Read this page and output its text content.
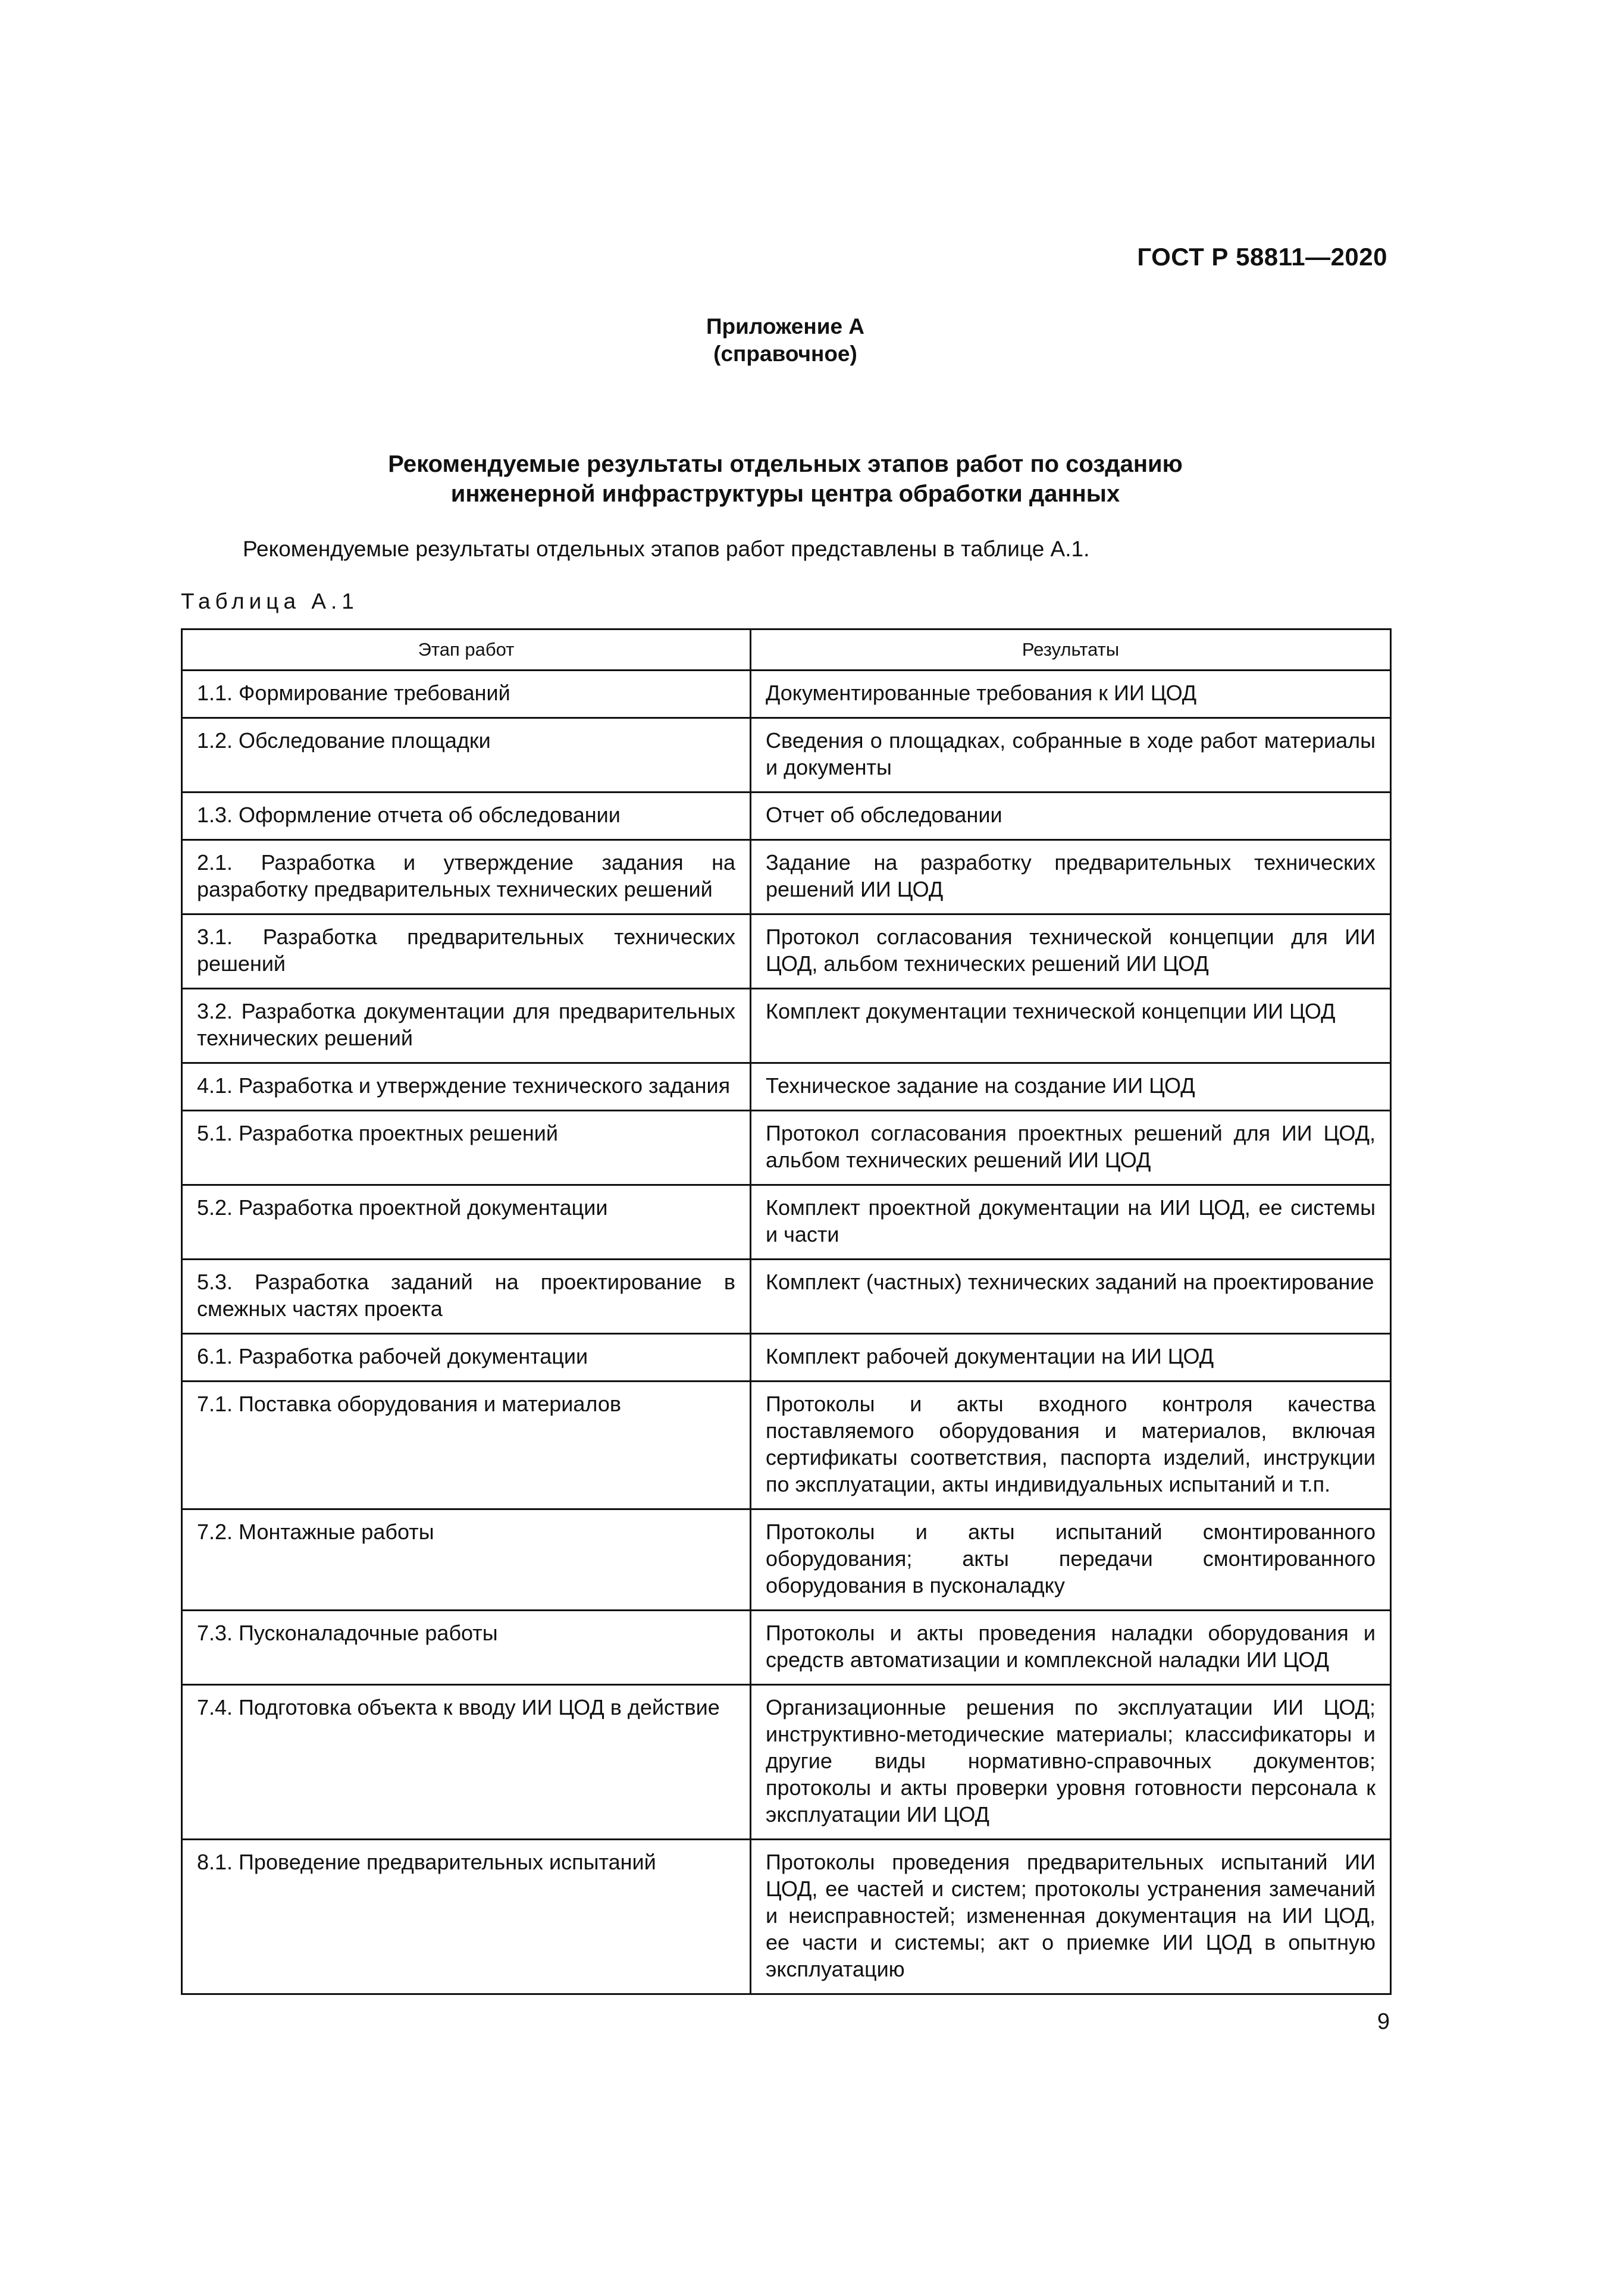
ГОСТ Р 58811—2020
Приложение А
(справочное)
Рекомендуемые результаты отдельных этапов работ по созданию
инженерной инфраструктуры центра обработки данных
Рекомендуемые результаты отдельных этапов работ представлены в таблице А.1.
Таблица А.1
Этап работ	Результаты
1.1. Формирование требований	Документированные требования к ИИ ЦОД
1.2. Обследование площадки	Сведения о площадках, собранные в ходе работ материалы и документы
1.3. Оформление отчета об обследовании	Отчет об обследовании
2.1. Разработка и утверждение задания на разработку предварительных технических решений	Задание на разработку предварительных технических решений ИИ ЦОД
3.1. Разработка предварительных технических решений	Протокол согласования технической концепции для ИИ ЦОД, альбом технических решений ИИ ЦОД
3.2. Разработка документации для предварительных технических решений	Комплект документации технической концепции ИИ ЦОД
4.1. Разработка и утверждение технического задания	Техническое задание на создание ИИ ЦОД
5.1. Разработка проектных решений	Протокол согласования проектных решений для ИИ ЦОД, альбом технических решений ИИ ЦОД
5.2. Разработка проектной документации	Комплект проектной документации на ИИ ЦОД, ее системы и части
5.3. Разработка заданий на проектирование в смежных частях проекта	Комплект (частных) технических заданий на проектирование
6.1. Разработка рабочей документации	Комплект рабочей документации на ИИ ЦОД
7.1. Поставка оборудования и материалов	Протоколы и акты входного контроля качества поставляемого оборудования и материалов, включая сертификаты соответствия, паспорта изделий, инструкции по эксплуатации, акты индивидуальных испытаний и т.п.
7.2. Монтажные работы	Протоколы и акты испытаний смонтированного оборудования; акты передачи смонтированного оборудования в пусконаладку
7.3. Пусконаладочные работы	Протоколы и акты проведения наладки оборудования и средств автоматизации и комплексной наладки ИИ ЦОД
7.4. Подготовка объекта к вводу ИИ ЦОД в действие	Организационные решения по эксплуатации ИИ ЦОД; инструктивно-методические материалы; классификаторы и другие виды нормативно-справочных документов; протоколы и акты проверки уровня готовности персонала к эксплуатации ИИ ЦОД
8.1. Проведение предварительных испытаний	Протоколы проведения предварительных испытаний ИИ ЦОД, ее частей и систем; протоколы устранения замечаний и неисправностей; измененная документация на ИИ ЦОД, ее части и системы; акт о приемке ИИ ЦОД в опытную эксплуатацию
9
